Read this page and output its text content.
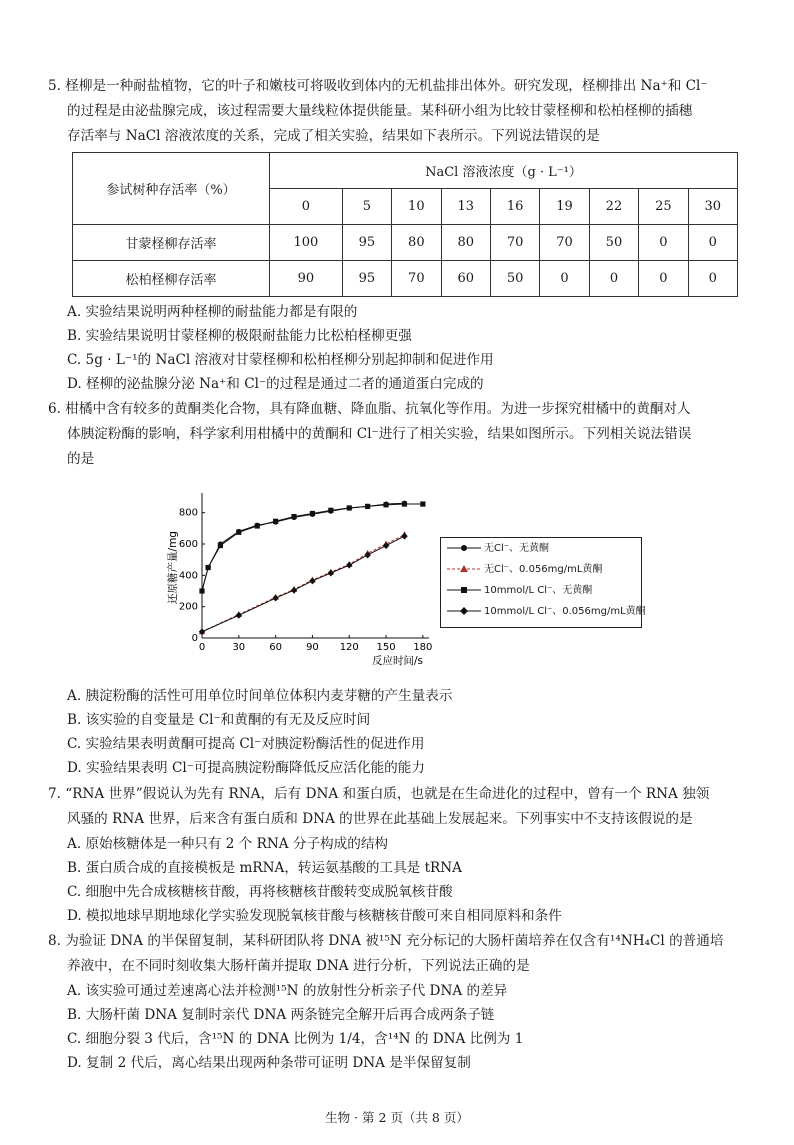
5. 柽柳是一种耐盐植物，它的叶子和嫩枝可将吸收到体内的无机盐排出体外。研究发现，柽柳排出 Na⁺和 Cl⁻
的过程是由泌盐腺完成，该过程需要大量线粒体提供能量。某科研小组为比较甘蒙柽柳和松柏柽柳的插穗
存活率与 NaCl 溶液浓度的关系，完成了相关实验，结果如下表所示。下列说法错误的是
参试树种存活率（%）	NaCl 溶液浓度（g · L⁻¹）								
	0	5	10	13	16	19	22	25	30
甘蒙柽柳存活率	100	95	80	80	70	70	50	0	0
松柏柽柳存活率	90	95	70	60	50	0	0	0	0
A. 实验结果说明两种柽柳的耐盐能力都是有限的
B. 实验结果说明甘蒙柽柳的极限耐盐能力比松柏柽柳更强
C. 5g · L⁻¹的 NaCl 溶液对甘蒙柽柳和松柏柽柳分别起抑制和促进作用
D. 柽柳的泌盐腺分泌 Na⁺和 Cl⁻的过程是通过二者的通道蛋白完成的
6. 柑橘中含有较多的黄酮类化合物，具有降血糖、降血脂、抗氧化等作用。为进一步探究柑橘中的黄酮对人
体胰淀粉酶的影响，科学家利用柑橘中的黄酮和 Cl⁻进行了相关实验，结果如图所示。下列相关说法错误
的是
0	30 60 90 120 150 180
0
200
400
600
800
反应时间/s
还原糖产量/mg	无Cl⁻、无黄酮
无Cl⁻、0.056mg/mL黄酮
10mmol/L Cl⁻、无黄酮
10mmol/L Cl⁻、0.056mg/mL黄酮
A. 胰淀粉酶的活性可用单位时间单位体积内麦芽糖的产生量表示
B. 该实验的自变量是 Cl⁻和黄酮的有无及反应时间
C. 实验结果表明黄酮可提高 Cl⁻对胰淀粉酶活性的促进作用
D. 实验结果表明 Cl⁻可提高胰淀粉酶降低反应活化能的能力
7. “RNA 世界”假说认为先有 RNA，后有 DNA 和蛋白质，也就是在生命进化的过程中，曾有一个 RNA 独领
风骚的 RNA 世界，后来含有蛋白质和 DNA 的世界在此基础上发展起来。下列事实中不支持该假说的是
A. 原始核糖体是一种只有 2 个 RNA 分子构成的结构
B. 蛋白质合成的直接模板是 mRNA，转运氨基酸的工具是 tRNA
C. 细胞中先合成核糖核苷酸，再将核糖核苷酸转变成脱氧核苷酸
D. 模拟地球早期地球化学实验发现脱氧核苷酸与核糖核苷酸可来自相同原料和条件
8. 为验证 DNA 的半保留复制，某科研团队将 DNA 被¹⁵N 充分标记的大肠杆菌培养在仅含有¹⁴NH₄Cl 的普通培
养液中，在不同时刻收集大肠杆菌并提取 DNA 进行分析，下列说法正确的是
A. 该实验可通过差速离心法并检测¹⁵N 的放射性分析亲子代 DNA 的差异
B. 大肠杆菌 DNA 复制时亲代 DNA 两条链完全解开后再合成两条子链
C. 细胞分裂 3 代后，含¹⁵N 的 DNA 比例为 1/4，含¹⁴N 的 DNA 比例为 1
D. 复制 2 代后，离心结果出现两种条带可证明 DNA 是半保留复制
生物 · 第 2 页（共 8 页）
